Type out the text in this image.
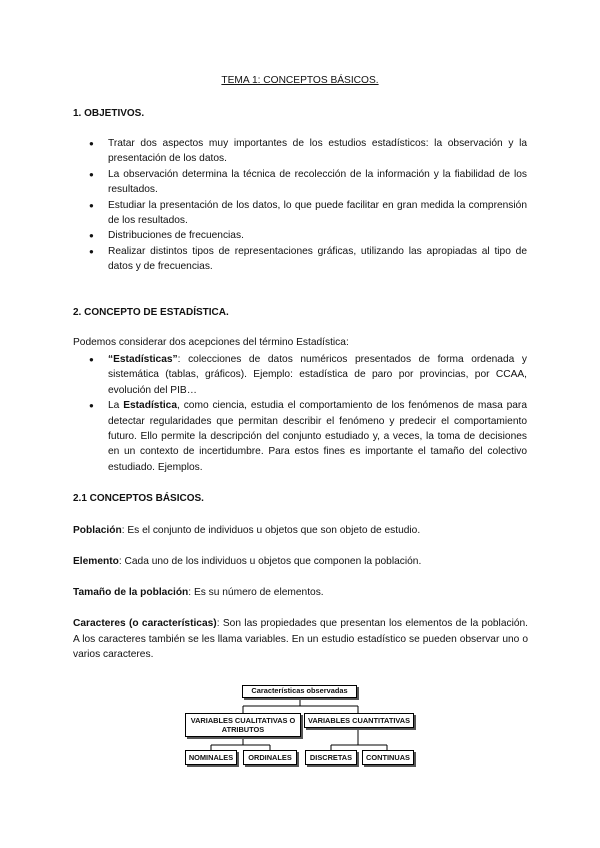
TEMA 1: CONCEPTOS BÁSICOS.
1. OBJETIVOS.
● Tratar dos aspectos muy importantes de los estudios estadísticos: la observación y la presentación de los datos.
● La observación determina la técnica de recolección de la información y la fiabilidad de los resultados.
● Estudiar la presentación de los datos, lo que puede facilitar en gran medida la comprensión de los resultados.
● Distribuciones de frecuencias.
● Realizar distintos tipos de representaciones gráficas, utilizando las apropiadas al tipo de datos y de frecuencias.
2. CONCEPTO DE ESTADÍSTICA.
Podemos considerar dos acepciones del término Estadística:
● “Estadísticas”: colecciones de datos numéricos presentados de forma ordenada y sistemática (tablas, gráficos). Ejemplo: estadística de paro por provincias, por CCAA, evolución del PIB…
● La Estadística, como ciencia, estudia el comportamiento de los fenómenos de masa para detectar regularidades que permitan describir el fenómeno y predecir el comportamiento futuro. Ello permite la descripción del conjunto estudiado y, a veces, la toma de decisiones en un contexto de incertidumbre. Para estos fines es importante el tamaño del colectivo estudiado. Ejemplos.
2.1 CONCEPTOS BÁSICOS.
Población: Es el conjunto de individuos u objetos que son objeto de estudio.
Elemento: Cada uno de los individuos u objetos que componen la población.
Tamaño de la población: Es su número de elementos.
Caracteres (o características): Son las propiedades que presentan los elementos de la población. A los caracteres también se les llama variables. En un estudio estadístico se pueden observar uno o varios caracteres.
Características observadas
VARIABLES CUALITATIVAS O ATRIBUTOS
VARIABLES CUANTITATIVAS
NOMINALES	ORDINALES	DISCRETAS	CONTINUAS
